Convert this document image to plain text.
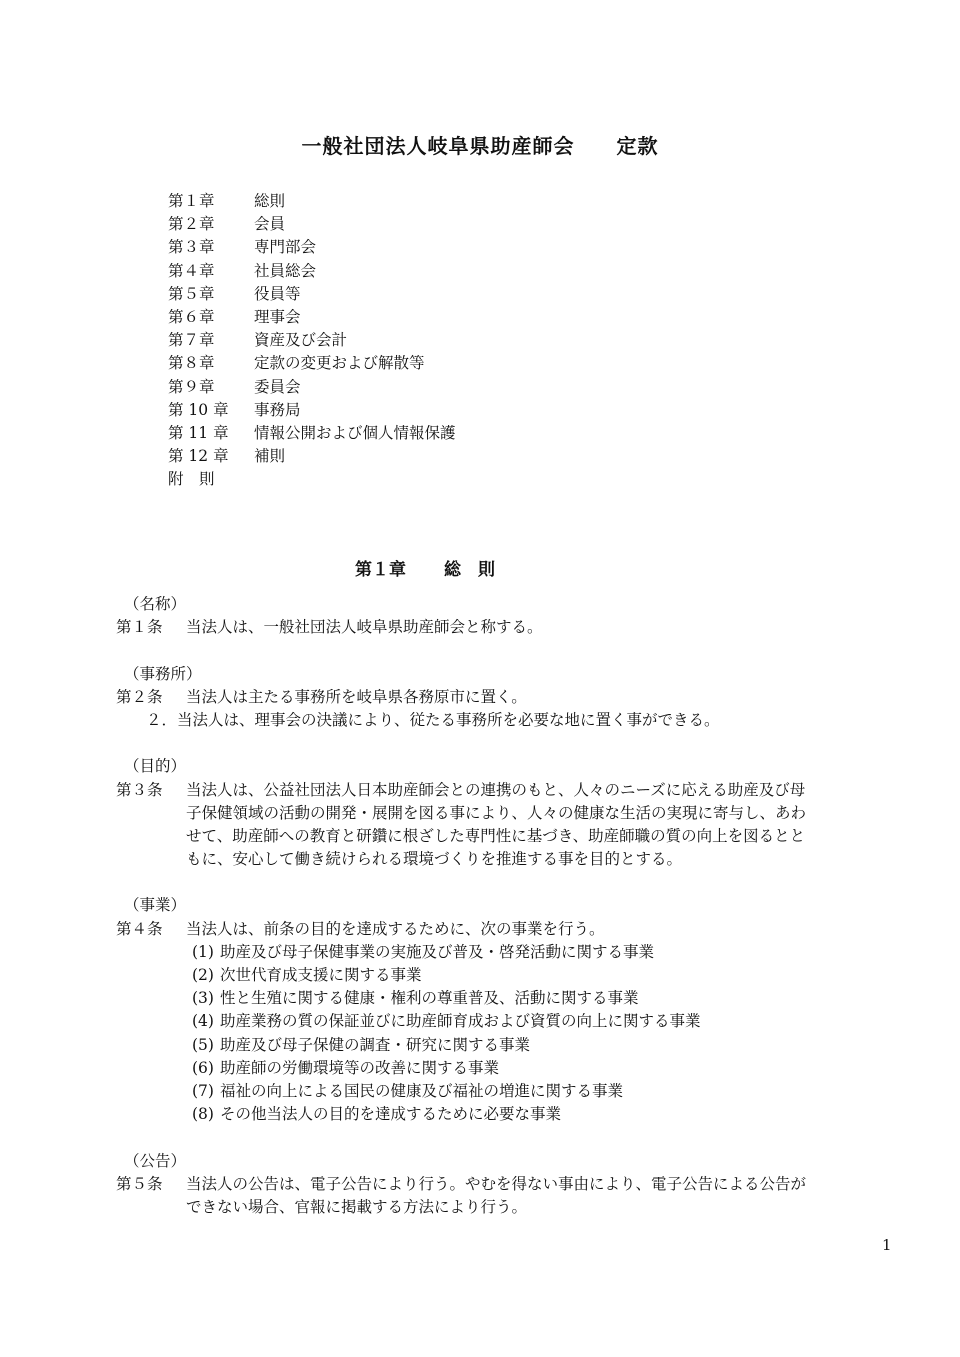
一般社団法人岐阜県助産師会　　定款
第１章	総則
第２章	会員
第３章	専門部会
第４章	社員総会
第５章	役員等
第６章	理事会
第７章	資産及び会計
第８章	定款の変更および解散等
第９章	委員会
第 10 章	事務局
第 11 章	情報公開および個人情報保護
第 12 章	補則
附　則
第１章 総　則
（名称）
第１条	当法人は、一般社団法人岐阜県助産師会と称する。
（事務所）
第２条	当法人は主たる事務所を岐阜県各務原市に置く。
２．当法人は、理事会の決議により、従たる事務所を必要な地に置く事ができる。
（目的）
第３条	当法人は、公益社団法人日本助産師会との連携のもと、人々のニーズに応える助産及び母
子保健領域の活動の開発・展開を図る事により、人々の健康な生活の実現に寄与し、あわ
せて、助産師への教育と研鑽に根ざした専門性に基づき、助産師職の質の向上を図るとと
もに、安心して働き続けられる環境づくりを推進する事を目的とする。
（事業）
第４条	当法人は、前条の目的を達成するために、次の事業を行う。
(1) 助産及び母子保健事業の実施及び普及・啓発活動に関する事業
(2) 次世代育成支援に関する事業
(3) 性と生殖に関する健康・権利の尊重普及、活動に関する事業
(4) 助産業務の質の保証並びに助産師育成および資質の向上に関する事業
(5) 助産及び母子保健の調査・研究に関する事業
(6) 助産師の労働環境等の改善に関する事業
(7) 福祉の向上による国民の健康及び福祉の増進に関する事業
(8) その他当法人の目的を達成するために必要な事業
（公告）
第５条	当法人の公告は、電子公告により行う。やむを得ない事由により、電子公告による公告が
できない場合、官報に掲載する方法により行う。
1
